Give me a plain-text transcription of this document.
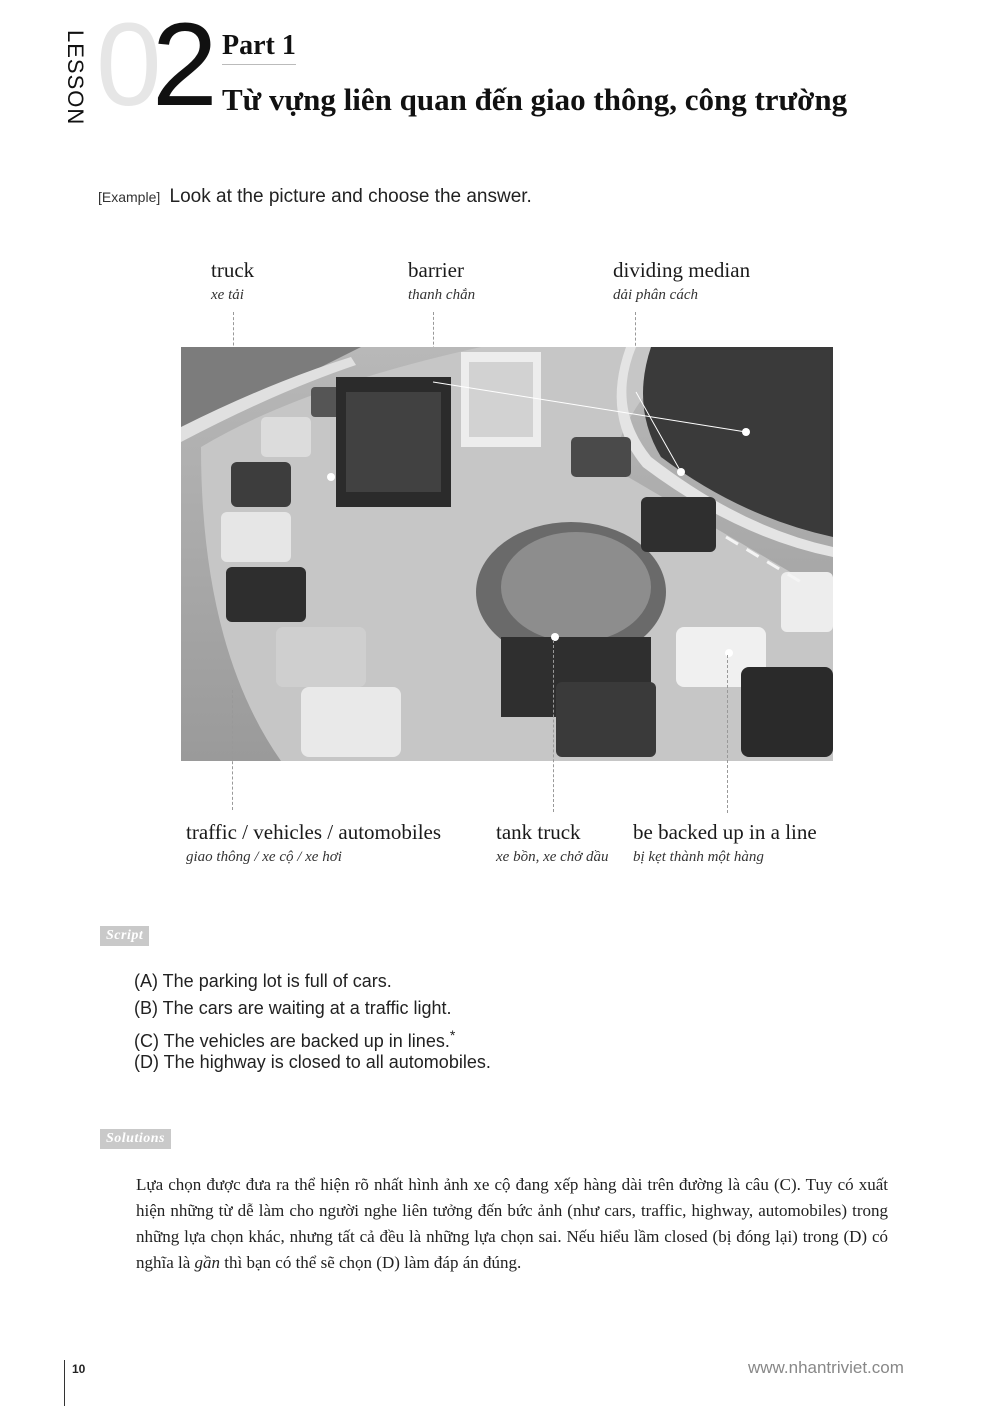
LESSON 0
2 Part 1
Từ vựng liên quan đến giao thông, công trường
[Example] Look at the picture and choose the answer.
truck
xe tải
barrier
thanh chắn
dividing median
dải phân cách
traffic / vehicles / automobiles
giao thông / xe cộ / xe hơi
tank truck
xe bồn, xe chở dầu
be backed up in a line
bị kẹt thành một hàng
Script
(A) The parking lot is full of cars.
(B) The cars are waiting at a traffic light.
(C) The vehicles are backed up in lines.*
(D) The highway is closed to all automobiles.
Solutions
Lựa chọn được đưa ra thể hiện rõ nhất hình ảnh xe cộ đang xếp hàng dài trên đường là câu (C). Tuy có xuất hiện những từ dễ làm cho người nghe liên tưởng đến bức ảnh (như cars, traffic, highway, automobiles) trong những lựa chọn khác, nhưng tất cả đều là những lựa chọn sai. Nếu hiểu lầm closed (bị đóng lại) trong (D) có nghĩa là gần thì bạn có thể sẽ chọn (D) làm đáp án đúng.
10	www.nhantriviet.com
